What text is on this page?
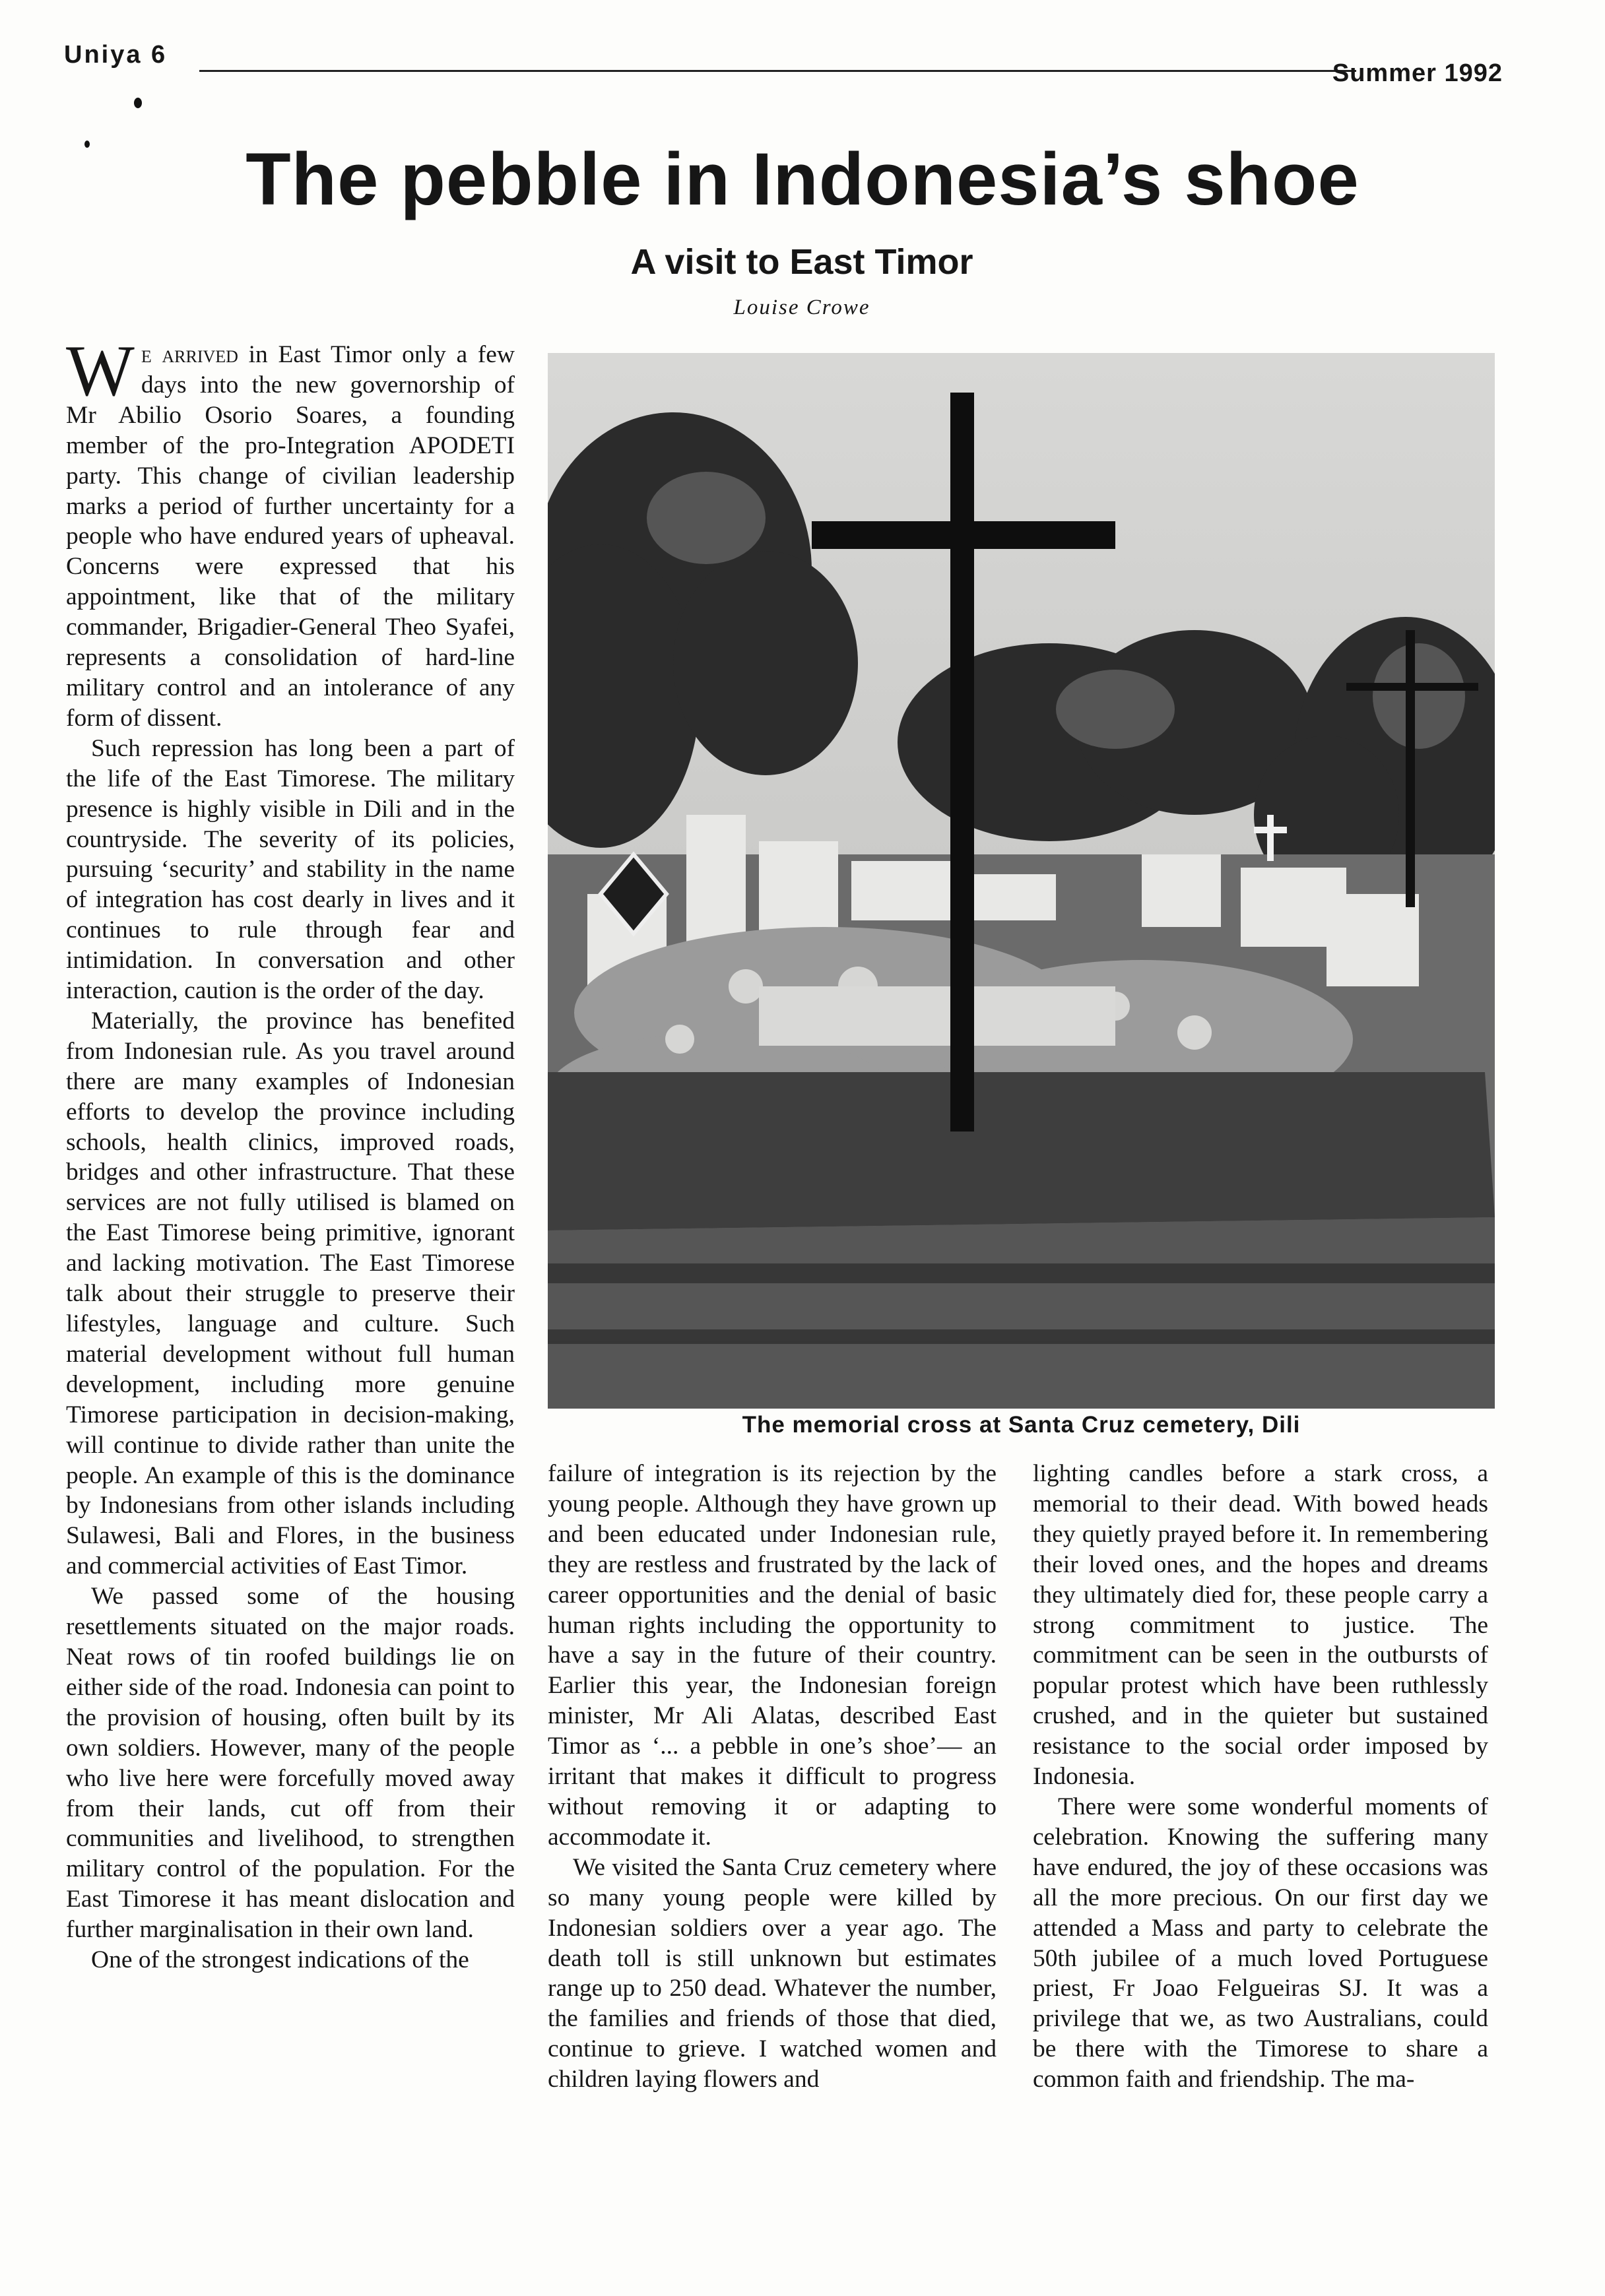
Uniya 6
Summer 1992
The pebble in Indonesia’s shoe
A visit to East Timor
Louise Crowe

We arrived in East Timor only a few days into the new governorship of Mr Abilio Osorio Soares, a founding member of the pro-Integration APODETI party. This change of civilian leadership marks a period of further uncertainty for a people who have endured years of upheaval. Concerns were expressed that his appointment, like that of the military commander, Brigadier-General Theo Syafei, represents a consolidation of hard-line military control and an intolerance of any form of dissent.

Such repression has long been a part of the life of the East Timorese. The military presence is highly visible in Dili and in the countryside. The severity of its policies, pursuing ‘security’ and stability in the name of integration has cost dearly in lives and it continues to rule through fear and intimidation. In conversation and other interaction, caution is the order of the day.

Materially, the province has benefited from Indonesian rule. As you travel around there are many examples of Indonesian efforts to develop the province including schools, health clinics, improved roads, bridges and other infrastructure. That these services are not fully utilised is blamed on the East Timorese being primitive, ignorant and lacking motivation. The East Timorese talk about their struggle to preserve their lifestyles, language and culture. Such material development without full human development, including more genuine Timorese participation in decision-making, will continue to divide rather than unite the people. An example of this is the dominance by Indonesians from other islands including Sulawesi, Bali and Flores, in the business and commercial activities of East Timor.

We passed some of the housing resettlements situated on the major roads. Neat rows of tin roofed buildings lie on either side of the road. Indonesia can point to the provision of housing, often built by its own soldiers. However, many of the people who live here were forcefully moved away from their lands, cut off from their communities and livelihood, to strengthen military control of the population. For the East Timorese it has meant dislocation and further marginalisation in their own land.

One of the strongest indications of the

The memorial cross at Santa Cruz cemetery, Dili

failure of integration is its rejection by the young people. Although they have grown up and been educated under Indonesian rule, they are restless and frustrated by the lack of career opportunities and the denial of basic human rights including the opportunity to have a say in the future of their country. Earlier this year, the Indonesian foreign minister, Mr Ali Alatas, described East Timor as ‘... a pebble in one’s shoe’— an irritant that makes it difficult to progress without removing it or adapting to accommodate it.

We visited the Santa Cruz cemetery where so many young people were killed by Indonesian soldiers over a year ago. The death toll is still unknown but estimates range up to 250 dead. Whatever the number, the families and friends of those that died, continue to grieve. I watched women and children laying flowers and

lighting candles before a stark cross, a memorial to their dead. With bowed heads they quietly prayed before it. In remembering their loved ones, and the hopes and dreams they ultimately died for, these people carry a strong commitment to justice. The commitment can be seen in the outbursts of popular protest which have been ruthlessly crushed, and in the quieter but sustained resistance to the social order imposed by Indonesia.

There were some wonderful moments of celebration. Knowing the suffering many have endured, the joy of these occasions was all the more precious. On our first day we attended a Mass and party to celebrate the 50th jubilee of a much loved Portuguese priest, Fr Joao Felgueiras SJ. It was a privilege that we, as two Australians, could be there with the Timorese to share a common faith and friendship. The ma-
